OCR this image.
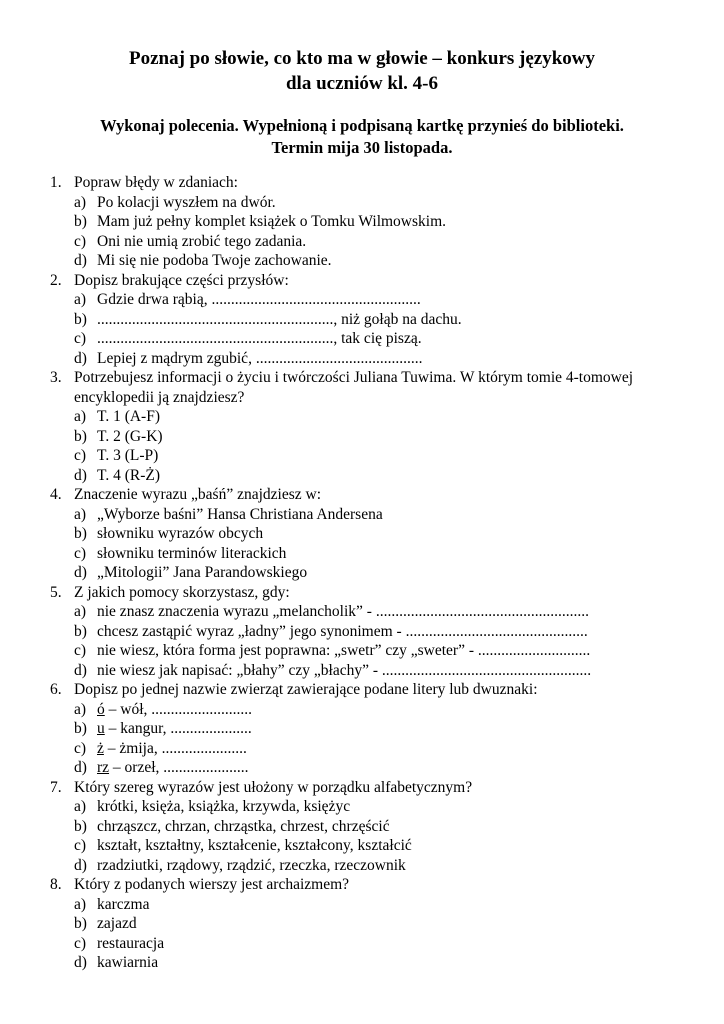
Poznaj po słowie, co kto ma w głowie – konkurs językowy
dla uczniów kl. 4-6
Wykonaj polecenia. Wypełnioną i podpisaną kartkę przynieś do biblioteki.
Termin mija 30 listopada.
1. Popraw błędy w zdaniach:
a) Po kolacji wyszłem na dwór.
b) Mam już pełny komplet książek o Tomku Wilmowskim.
c) Oni nie umią zrobić tego zadania.
d) Mi się nie podoba Twoje zachowanie.
2. Dopisz brakujące części przysłów:
a) Gdzie drwa rąbią, ......................................................
b) ............................................................., niż gołąb na dachu.
c) ............................................................., tak cię piszą.
d) Lepiej z mądrym zgubić, ...........................................
3. Potrzebujesz informacji o życiu i twórczości Juliana Tuwima. W którym tomie 4-tomowej encyklopedii ją znajdziesz?
a) T. 1 (A-F)
b) T. 2 (G-K)
c) T. 3 (L-P)
d) T. 4 (R-Ż)
4. Znaczenie wyrazu „baśń” znajdziesz w:
a) „Wyborze baśni” Hansa Christiana Andersena
b) słowniku wyrazów obcych
c) słowniku terminów literackich
d) „Mitologii” Jana Parandowskiego
5. Z jakich pomocy skorzystasz, gdy:
a) nie znasz znaczenia wyrazu „melancholik” - .......................................................
b) chcesz zastąpić wyraz „ładny” jego synonimem - ...............................................
c) nie wiesz, która forma jest poprawna: „swetr” czy „sweter” - .............................
d) nie wiesz jak napisać: „błahy” czy „błachy” - ......................................................
6. Dopisz po jednej nazwie zwierząt zawierające podane litery lub dwuznaki:
a) ó – wół, ..........................
b) u – kangur, .....................
c) ż – żmija, ......................
d) rz – orzeł, ......................
7. Który szereg wyrazów jest ułożony w porządku alfabetycznym?
a) krótki, księża, książka, krzywda, księżyc
b) chrząszcz, chrzan, chrząstka, chrzest, chrzęścić
c) kształt, kształtny, kształcenie, kształcony, kształcić
d) rzadziutki, rządowy, rządzić, rzeczka, rzeczownik
8. Który z podanych wierszy jest archaizmem?
a) karczma
b) zajazd
c) restauracja
d) kawiarnia
